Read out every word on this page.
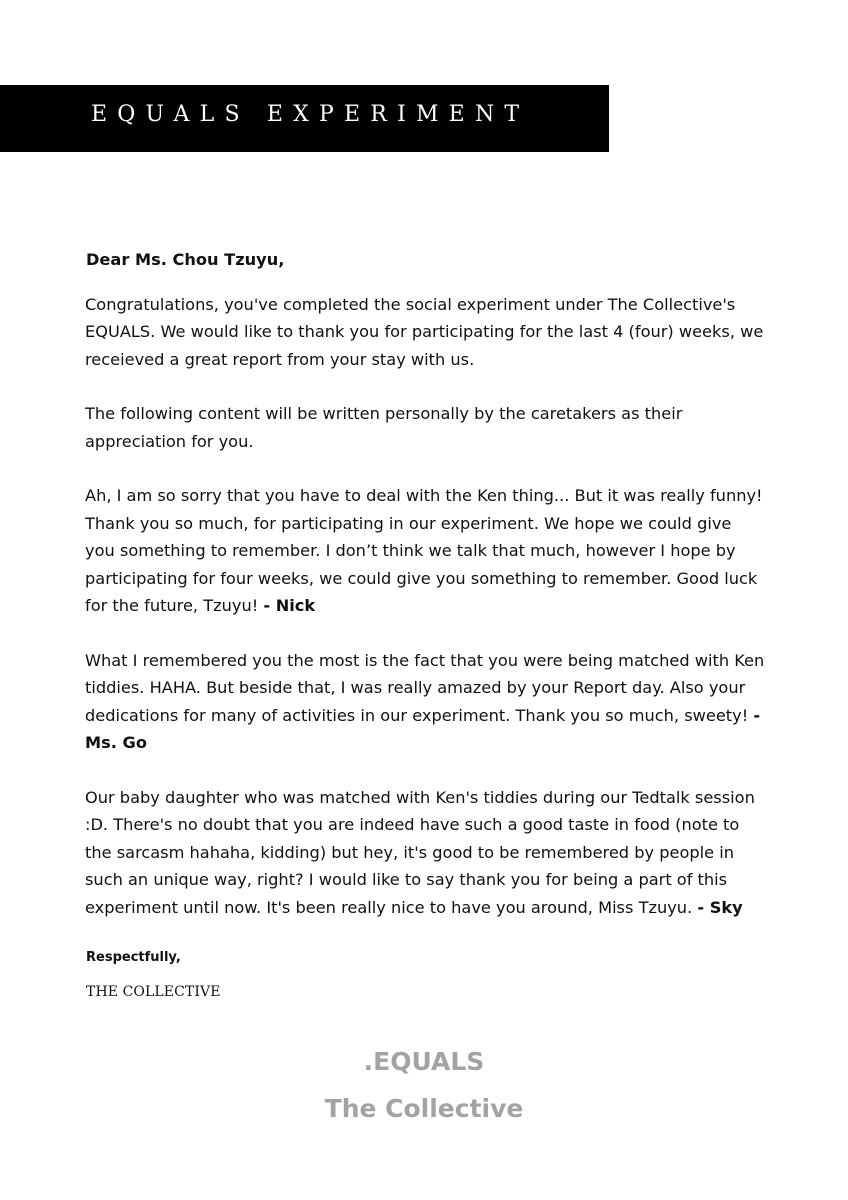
EQUALS EXPERIMENT
Dear Ms. Chou Tzuyu,

Congratulations, you've completed the social experiment under The Collective's EQUALS. We would like to thank you for participating for the last 4 (four) weeks, we receieved a great report from your stay with us.

The following content will be written personally by the caretakers as their appreciation for you.

Ah, I am so sorry that you have to deal with the Ken thing... But it was really funny! Thank you so much, for participating in our experiment. We hope we could give you something to remember. I don’t think we talk that much, however I hope by participating for four weeks, we could give you something to remember. Good luck for the future, Tzuyu! - Nick

What I remembered you the most is the fact that you were being matched with Ken tiddies. HAHA. But beside that, I was really amazed by your Report day. Also your dedications for many of activities in our experiment. Thank you so much, sweety! - Ms. Go

Our baby daughter who was matched with Ken's tiddies during our Tedtalk session :D. There's no doubt that you are indeed have such a good taste in food (note to the sarcasm hahaha, kidding) but hey, it's good to be remembered by people in such an unique way, right? I would like to say thank you for being a part of this experiment until now. It's been really nice to have you around, Miss Tzuyu. - Sky

Respectfully,
THE COLLECTIVE
.EQUALS
The Collective
